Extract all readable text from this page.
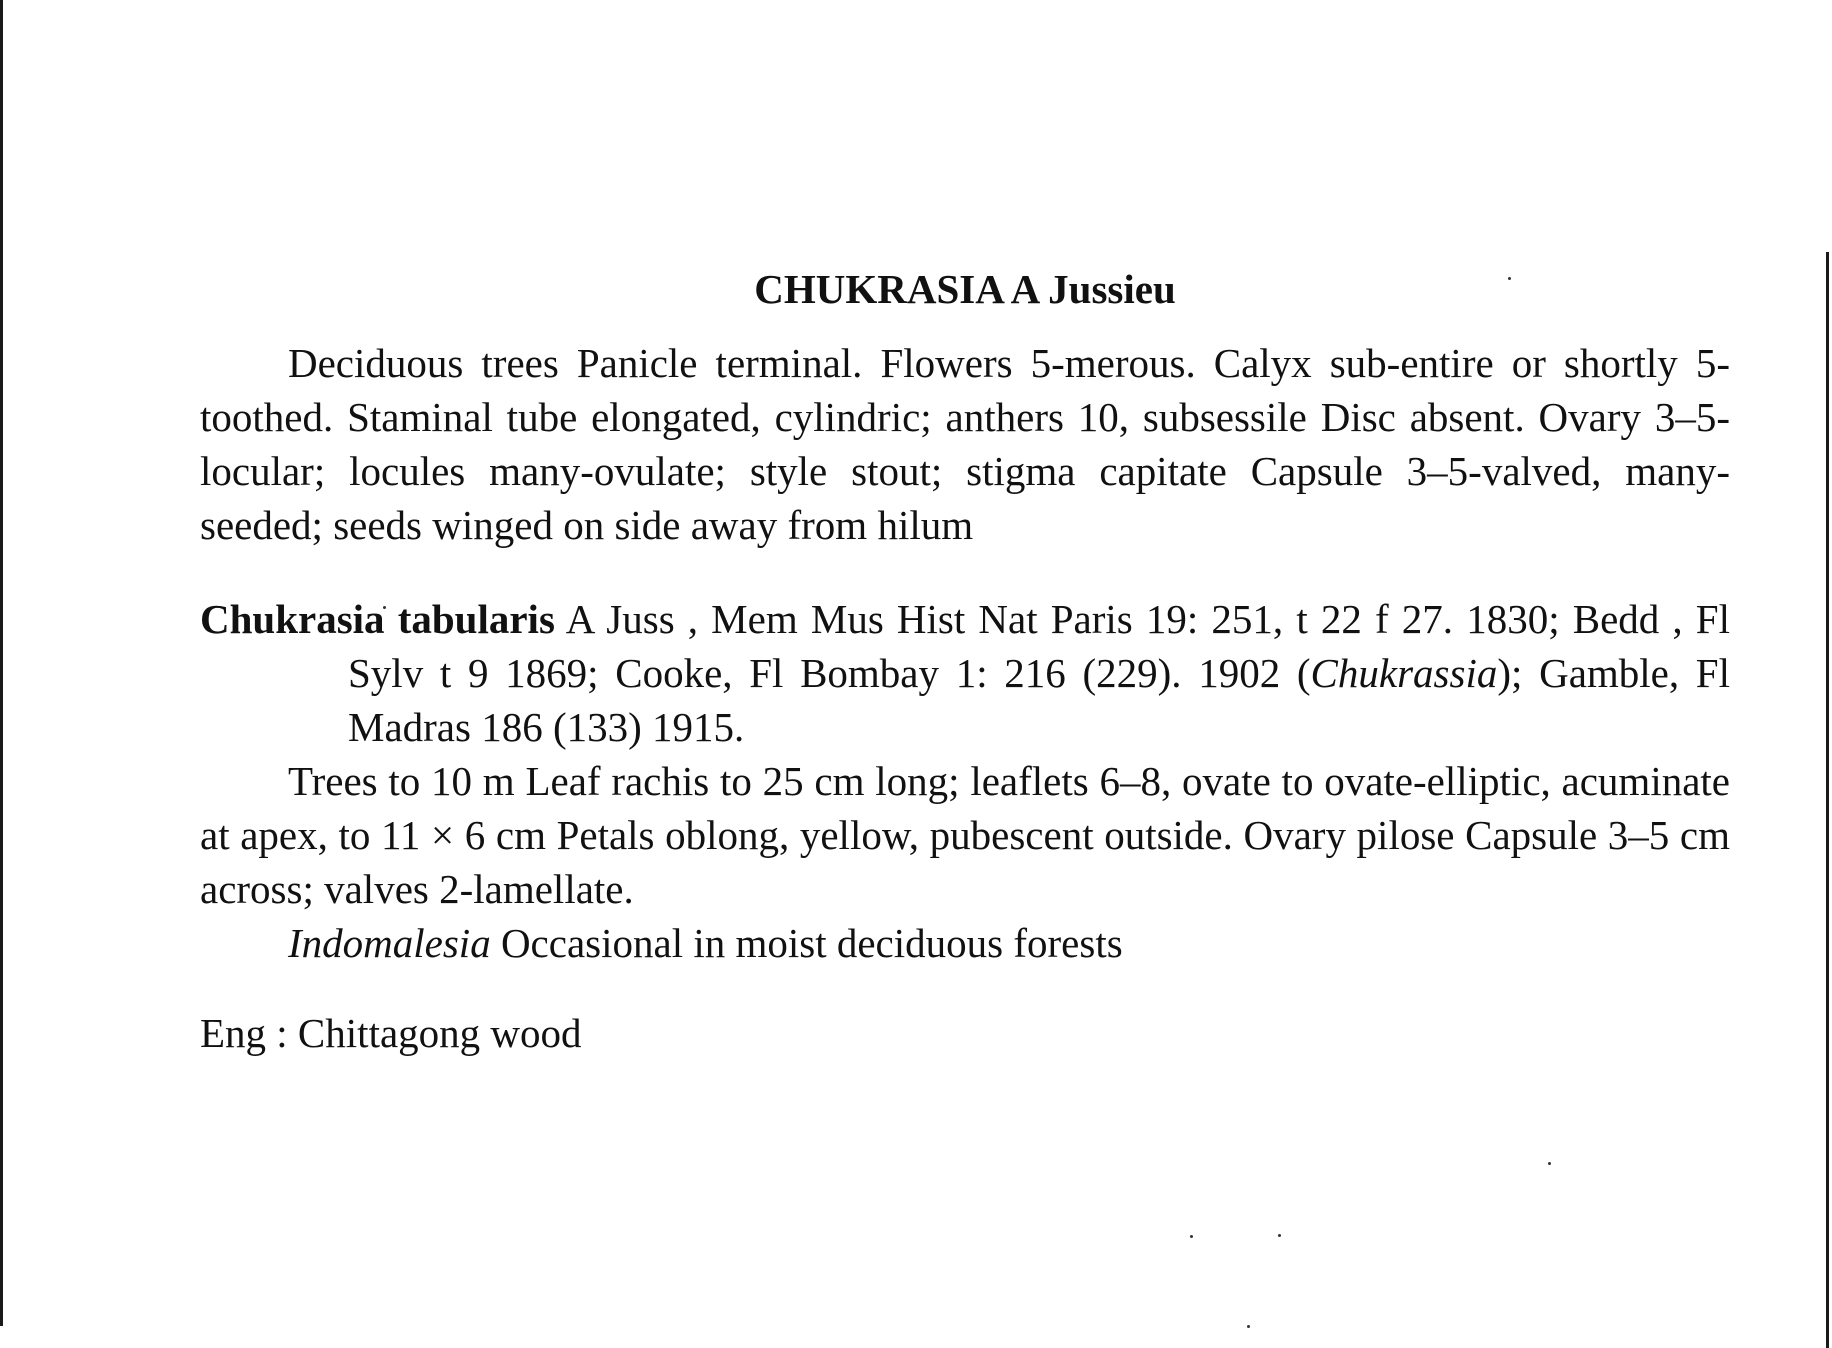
CHUKRASIA A Jussieu

Deciduous trees Panicle terminal. Flowers 5-merous. Calyx sub-entire or shortly 5-toothed. Staminal tube elongated, cylindric; anthers 10, subsessile Disc absent. Ovary 3–5-locular; locules many-ovulate; style stout; stigma capitate Capsule 3–5-valved, many-seeded; seeds winged on side away from hilum

Chukrasia tabularis A Juss , Mem Mus Hist Nat Paris 19: 251, t 22 f 27. 1830; Bedd , Fl Sylv t 9 1869; Cooke, Fl Bombay 1: 216 (229). 1902 (Chukrassia); Gamble, Fl Madras 186 (133) 1915.

Trees to 10 m Leaf rachis to 25 cm long; leaflets 6–8, ovate to ovate-elliptic, acuminate at apex, to 11 × 6 cm Petals oblong, yellow, pubescent outside. Ovary pilose Capsule 3–5 cm across; valves 2-lamellate.

Indomalesia Occasional in moist deciduous forests

Eng : Chittagong wood
